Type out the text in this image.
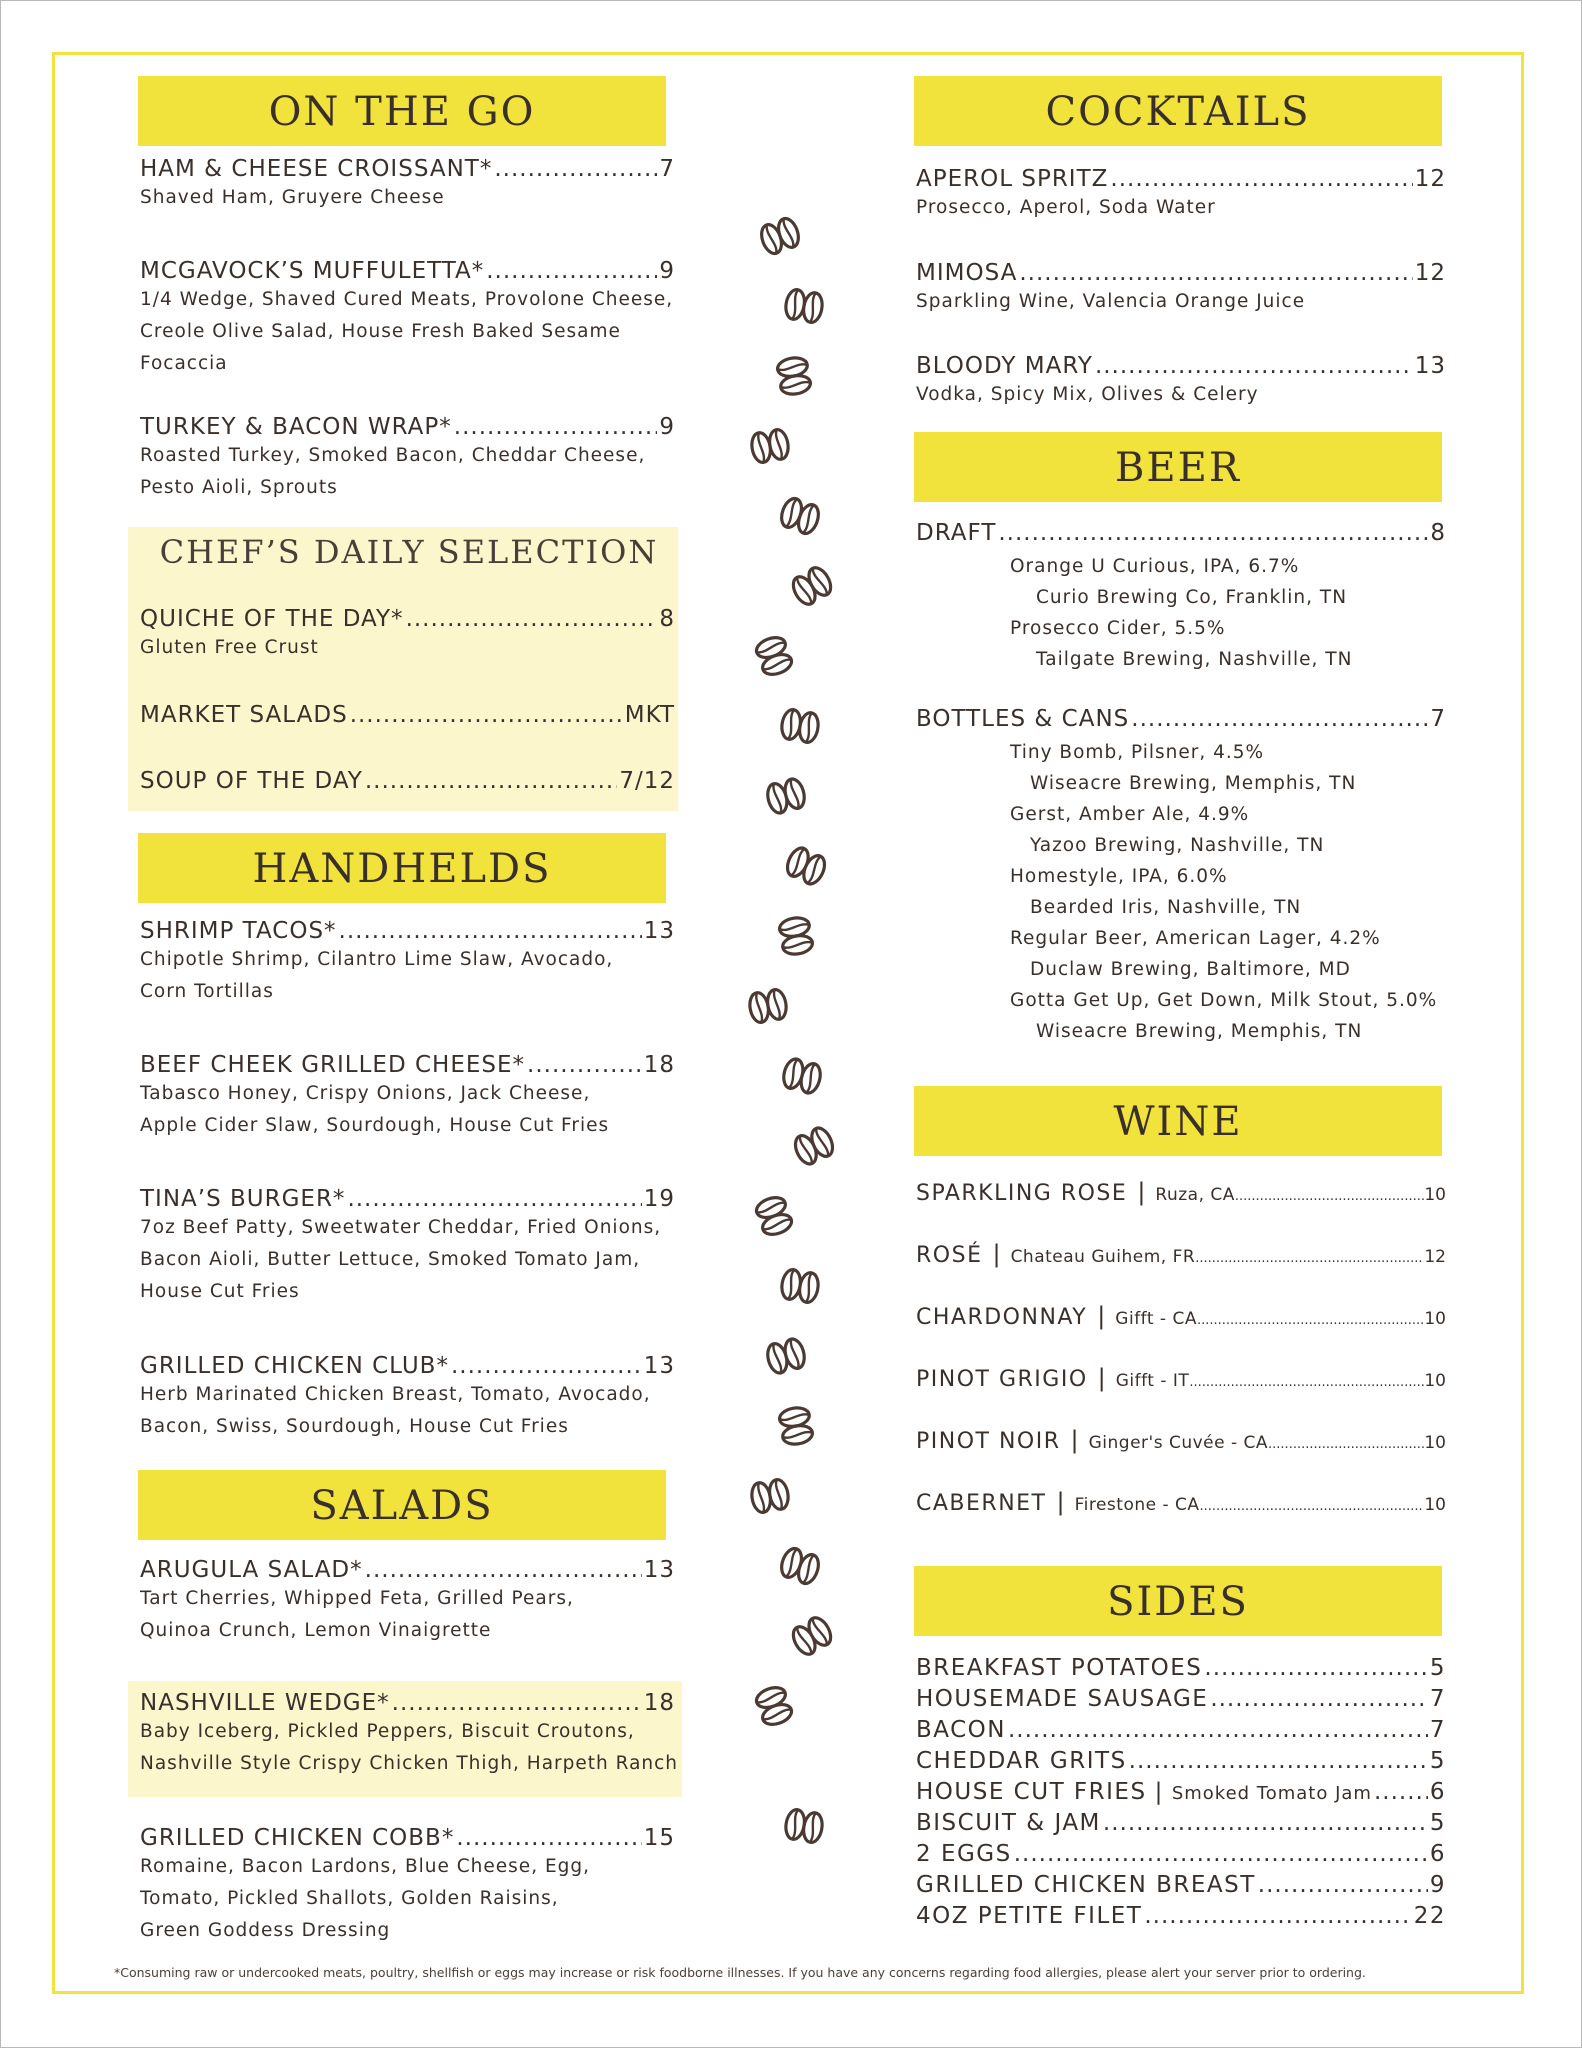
ON THE GO
HAM & CHEESE CROISSANT* .....	7
Shaved Ham, Gruyere Cheese
MCGAVOCK’S MUFFULETTA* .....	9
1/4 Wedge, Shaved Cured Meats, Provolone Cheese,
Creole Olive Salad, House Fresh Baked Sesame
Focaccia
TURKEY & BACON WRAP* .....	9
Roasted Turkey, Smoked Bacon, Cheddar Cheese,
Pesto Aioli, Sprouts
CHEF’S DAILY SELECTION
QUICHE OF THE DAY* .....	8
Gluten Free Crust
MARKET SALADS .....	MKT
SOUP OF THE DAY .....	7/12
HANDHELDS
SHRIMP TACOS* .....	13
Chipotle Shrimp, Cilantro Lime Slaw, Avocado,
Corn Tortillas
BEEF CHEEK GRILLED CHEESE* .....	18
Tabasco Honey, Crispy Onions, Jack Cheese,
Apple Cider Slaw, Sourdough, House Cut Fries
TINA’S BURGER* .....	19
7oz Beef Patty, Sweetwater Cheddar, Fried Onions,
Bacon Aioli, Butter Lettuce, Smoked Tomato Jam,
House Cut Fries
GRILLED CHICKEN CLUB* .....	13
Herb Marinated Chicken Breast, Tomato, Avocado,
Bacon, Swiss, Sourdough, House Cut Fries
SALADS
ARUGULA SALAD* .....	13
Tart Cherries, Whipped Feta, Grilled Pears,
Quinoa Crunch, Lemon Vinaigrette
NASHVILLE WEDGE* .....	18
Baby Iceberg, Pickled Peppers, Biscuit Croutons,
Nashville Style Crispy Chicken Thigh, Harpeth Ranch
GRILLED CHICKEN COBB* .....	15
Romaine, Bacon Lardons, Blue Cheese, Egg,
Tomato, Pickled Shallots, Golden Raisins,
Green Goddess Dressing
COCKTAILS
APEROL SPRITZ .....	12
Prosecco, Aperol, Soda Water
MIMOSA .....	12
Sparkling Wine, Valencia Orange Juice
BLOODY MARY .....	13
Vodka, Spicy Mix, Olives & Celery
BEER
DRAFT .....	8
Orange U Curious, IPA, 6.7%
Curio Brewing Co, Franklin, TN
Prosecco Cider, 5.5%
Tailgate Brewing, Nashville, TN
BOTTLES & CANS .....	7
Tiny Bomb, Pilsner, 4.5%
Wiseacre Brewing, Memphis, TN
Gerst, Amber Ale, 4.9%
Yazoo Brewing, Nashville, TN
Homestyle, IPA, 6.0%
Bearded Iris, Nashville, TN
Regular Beer, American Lager, 4.2%
Duclaw Brewing, Baltimore, MD
Gotta Get Up, Get Down, Milk Stout, 5.0%
Wiseacre Brewing, Memphis, TN
WINE
SPARKLING ROSE | Ruza, CA .....	10
ROSÉ | Chateau Guihem, FR .....	12
CHARDONNAY | Gifft - CA .....	10
PINOT GRIGIO | Gifft - IT .....	10
PINOT NOIR | Ginger's Cuvée - CA .....	10
CABERNET | Firestone - CA .....	10
SIDES
BREAKFAST POTATOES .....	5
HOUSEMADE SAUSAGE .....	7
BACON .....	7
CHEDDAR GRITS .....	5
HOUSE CUT FRIES | Smoked Tomato Jam .....	6
BISCUIT & JAM .....	5
2 EGGS .....	6
GRILLED CHICKEN BREAST .....	9
4OZ PETITE FILET .....	22
*Consuming raw or undercooked meats, poultry, shellfish or eggs may increase or risk foodborne illnesses. If you have any concerns regarding food allergies, please alert your server prior to ordering.
